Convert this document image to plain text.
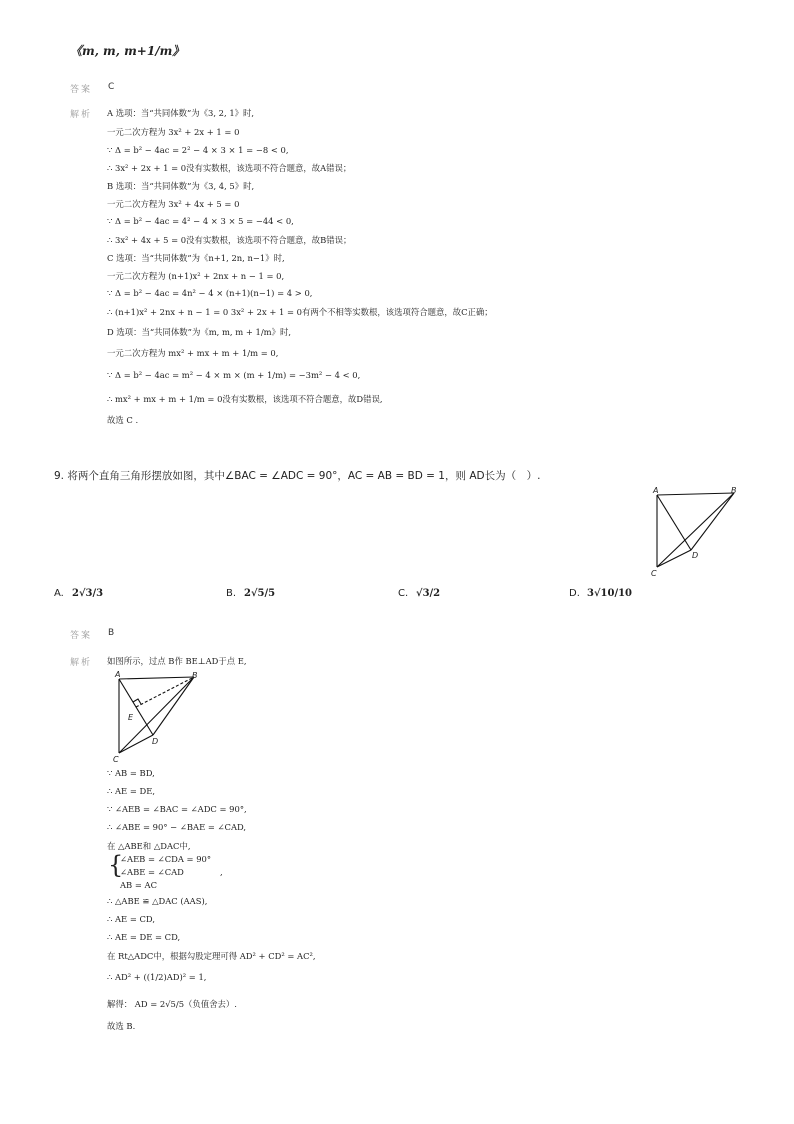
《m, m, m+1/m》
答案 C
解析 A 选项：当“共同体数”为《3, 2, 1》时,
一元二次方程为 3x² + 2x + 1 = 0
∵ Δ = b² − 4ac = 2² − 4 × 3 × 1 = −8 < 0,
∴ 3x² + 2x + 1 = 0没有实数根，该选项不符合题意，故A错误；
B 选项：当“共同体数”为《3, 4, 5》时,
一元二次方程为 3x² + 4x + 5 = 0
∵ Δ = b² − 4ac = 4² − 4 × 3 × 5 = −44 < 0,
∴ 3x² + 4x + 5 = 0没有实数根，该选项不符合题意，故B错误；
C 选项：当“共同体数”为《n+1, 2n, n−1》时,
一元二次方程为 (n+1)x² + 2nx + n − 1 = 0,
∵ Δ = b² − 4ac = 4n² − 4 × (n+1)(n−1) = 4 > 0,
∴ (n+1)x² + 2nx + n − 1 = 0 3x² + 2x + 1 = 0有两个不相等实数根，该选项符合题意，故C正确；
D 选项：当“共同体数”为《m, m, m + 1/m》时,
一元二次方程为 mx² + mx + m + 1/m = 0,
∵ Δ = b² − 4ac = m² − 4 × m × (m + 1/m) = −3m² − 4 < 0,
∴ mx² + mx + m + 1/m = 0没有实数根，该选项不符合题意，故D错误,
故选 C .
9. 将两个直角三角形摆放如图，其中∠BAC = ∠ADC = 90°，AC = AB = BD = 1，则 AD长为（　）.
A	B
C
D
A. 2√3/3	B. 2√5/5	C. √3/2	D. 3√10/10
答案 B
解析 如图所示，过点 B作 BE⊥AD于点 E,
A	B
C
D
E
∵ AB = BD,
∴ AE = DE,
∵ ∠AEB = ∠BAC = ∠ADC = 90°,
∴ ∠ABE = 90° − ∠BAE = ∠CAD,
在 △ABE和 △DAC中,
{
∠AEB = ∠CDA = 90°
∠ABE = ∠CAD
AB = AC
,
∴ △ABE ≌ △DAC (AAS),
∴ AE = CD,
∴ AE = DE = CD,
在 Rt△ADC中，根据勾股定理可得 AD² + CD² = AC²,
∴ AD² + ((1/2)AD)² = 1,
解得： AD = 2√5/5（负值舍去）.
故选 B.
